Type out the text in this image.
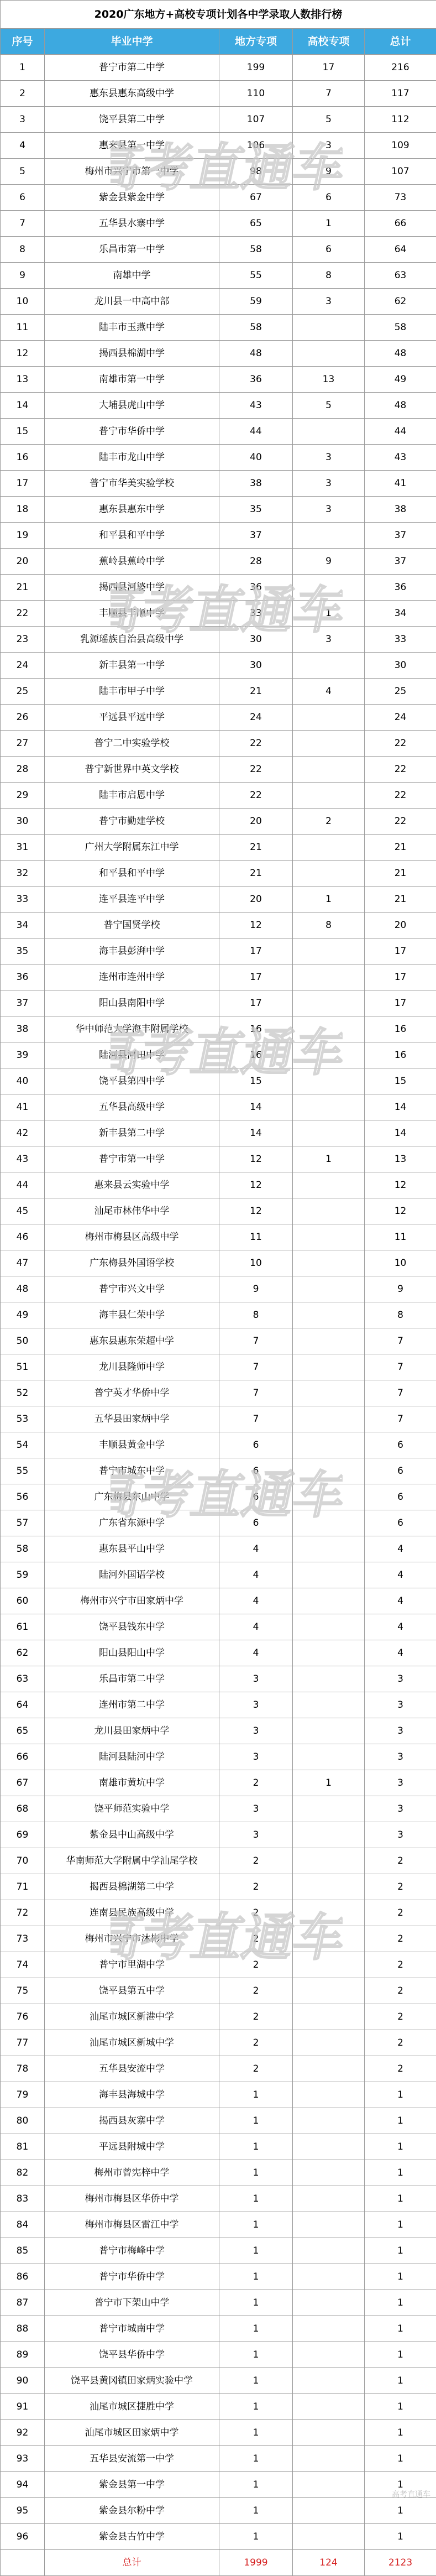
2020广东地方+高校专项计划各中学录取人数排行榜				
序号	毕业中学	地方专项	高校专项	总计
1	普宁市第二中学	199	17	216
2	惠东县惠东高级中学	110	7	117
3	饶平县第二中学	107	5	112
4	惠来县第一中学	106	3	109
5	梅州市兴宁市第一中学	98	9	107
6	紫金县紫金中学	67	6	73
7	五华县水寨中学	65	1	66
8	乐昌市第一中学	58	6	64
9	南雄中学	55	8	63
10	龙川县一中高中部	59	3	62
11	陆丰市玉燕中学	58		58
12	揭西县棉湖中学	48		48
13	南雄市第一中学	36	13	49
14	大埔县虎山中学	43	5	48
15	普宁市华侨中学	44		44
16	陆丰市龙山中学	40	3	43
17	普宁市华美实验学校	38	3	41
18	惠东县惠东中学	35	3	38
19	和平县和平中学	37		37
20	蕉岭县蕉岭中学	28	9	37
21	揭西县河婆中学	36		36
22	丰顺县丰顺中学	33	1	34
23	乳源瑶族自治县高级中学	30	3	33
24	新丰县第一中学	30		30
25	陆丰市甲子中学	21	4	25
26	平远县平远中学	24		24
27	普宁二中实验学校	22		22
28	普宁新世界中英文学校	22		22
29	陆丰市启恩中学	22		22
30	普宁市勤建学校	20	2	22
31	广州大学附属东江中学	21		21
32	和平县和平中学	21		21
33	连平县连平中学	20	1	21
34	普宁国贤学校	12	8	20
35	海丰县彭湃中学	17		17
36	连州市连州中学	17		17
37	阳山县南阳中学	17		17
38	华中师范大学海丰附属学校	16		16
39	陆河县河田中学	16		16
40	饶平县第四中学	15		15
41	五华县高级中学	14		14
42	新丰县第二中学	14		14
43	普宁市第一中学	12	1	13
44	惠来县云实验中学	12		12
45	汕尾市林伟华中学	12		12
46	梅州市梅县区高级中学	11		11
47	广东梅县外国语学校	10		10
48	普宁市兴文中学	9		9
49	海丰县仁荣中学	8		8
50	惠东县惠东荣超中学	7		7
51	龙川县隆师中学	7		7
52	普宁英才华侨中学	7		7
53	五华县田家炳中学	7		7
54	丰顺县黄金中学	6		6
55	普宁市城东中学	6		6
56	广东梅县东山中学	6		6
57	广东省东源中学	6		6
58	惠东县平山中学	4		4
59	陆河外国语学校	4		4
60	梅州市兴宁市田家炳中学	4		4
61	饶平县钱东中学	4		4
62	阳山县阳山中学	4		4
63	乐昌市第二中学	3		3
64	连州市第二中学	3		3
65	龙川县田家炳中学	3		3
66	陆河县陆河中学	3		3
67	南雄市黄坑中学	2	1	3
68	饶平师范实验中学	3		3
69	紫金县中山高级中学	3		3
70	华南师范大学附属中学汕尾学校	2		2
71	揭西县棉湖第二中学	2		2
72	连南县民族高级中学	2		2
73	梅州市兴宁市沐彬中学	2		2
74	普宁市里湖中学	2		2
75	饶平县第五中学	2		2
76	汕尾市城区新港中学	2		2
77	汕尾市城区新城中学	2		2
78	五华县安流中学	2		2
79	海丰县海城中学	1		1
80	揭西县灰寨中学	1		1
81	平远县附城中学	1		1
82	梅州市曾宪梓中学	1		1
83	梅州市梅县区华侨中学	1		1
84	梅州市梅县区雷江中学	1		1
85	普宁市梅峰中学	1		1
86	普宁市华侨中学	1		1
87	普宁市下架山中学	1		1
88	普宁市城南中学	1		1
89	饶平县华侨中学	1		1
90	饶平县黄冈镇田家炳实验中学	1		1
91	汕尾市城区捷胜中学	1		1
92	汕尾市城区田家炳中学	1		1
93	五华县安流第一中学	1		1
94	紫金县第一中学	1		1
95	紫金县尔粉中学	1		1
96	紫金县古竹中学	1		1
	总计	1999	124	2123
高考直通车
高考直通车
高考直通车
高考直通车
高考直通车
高考直通车
